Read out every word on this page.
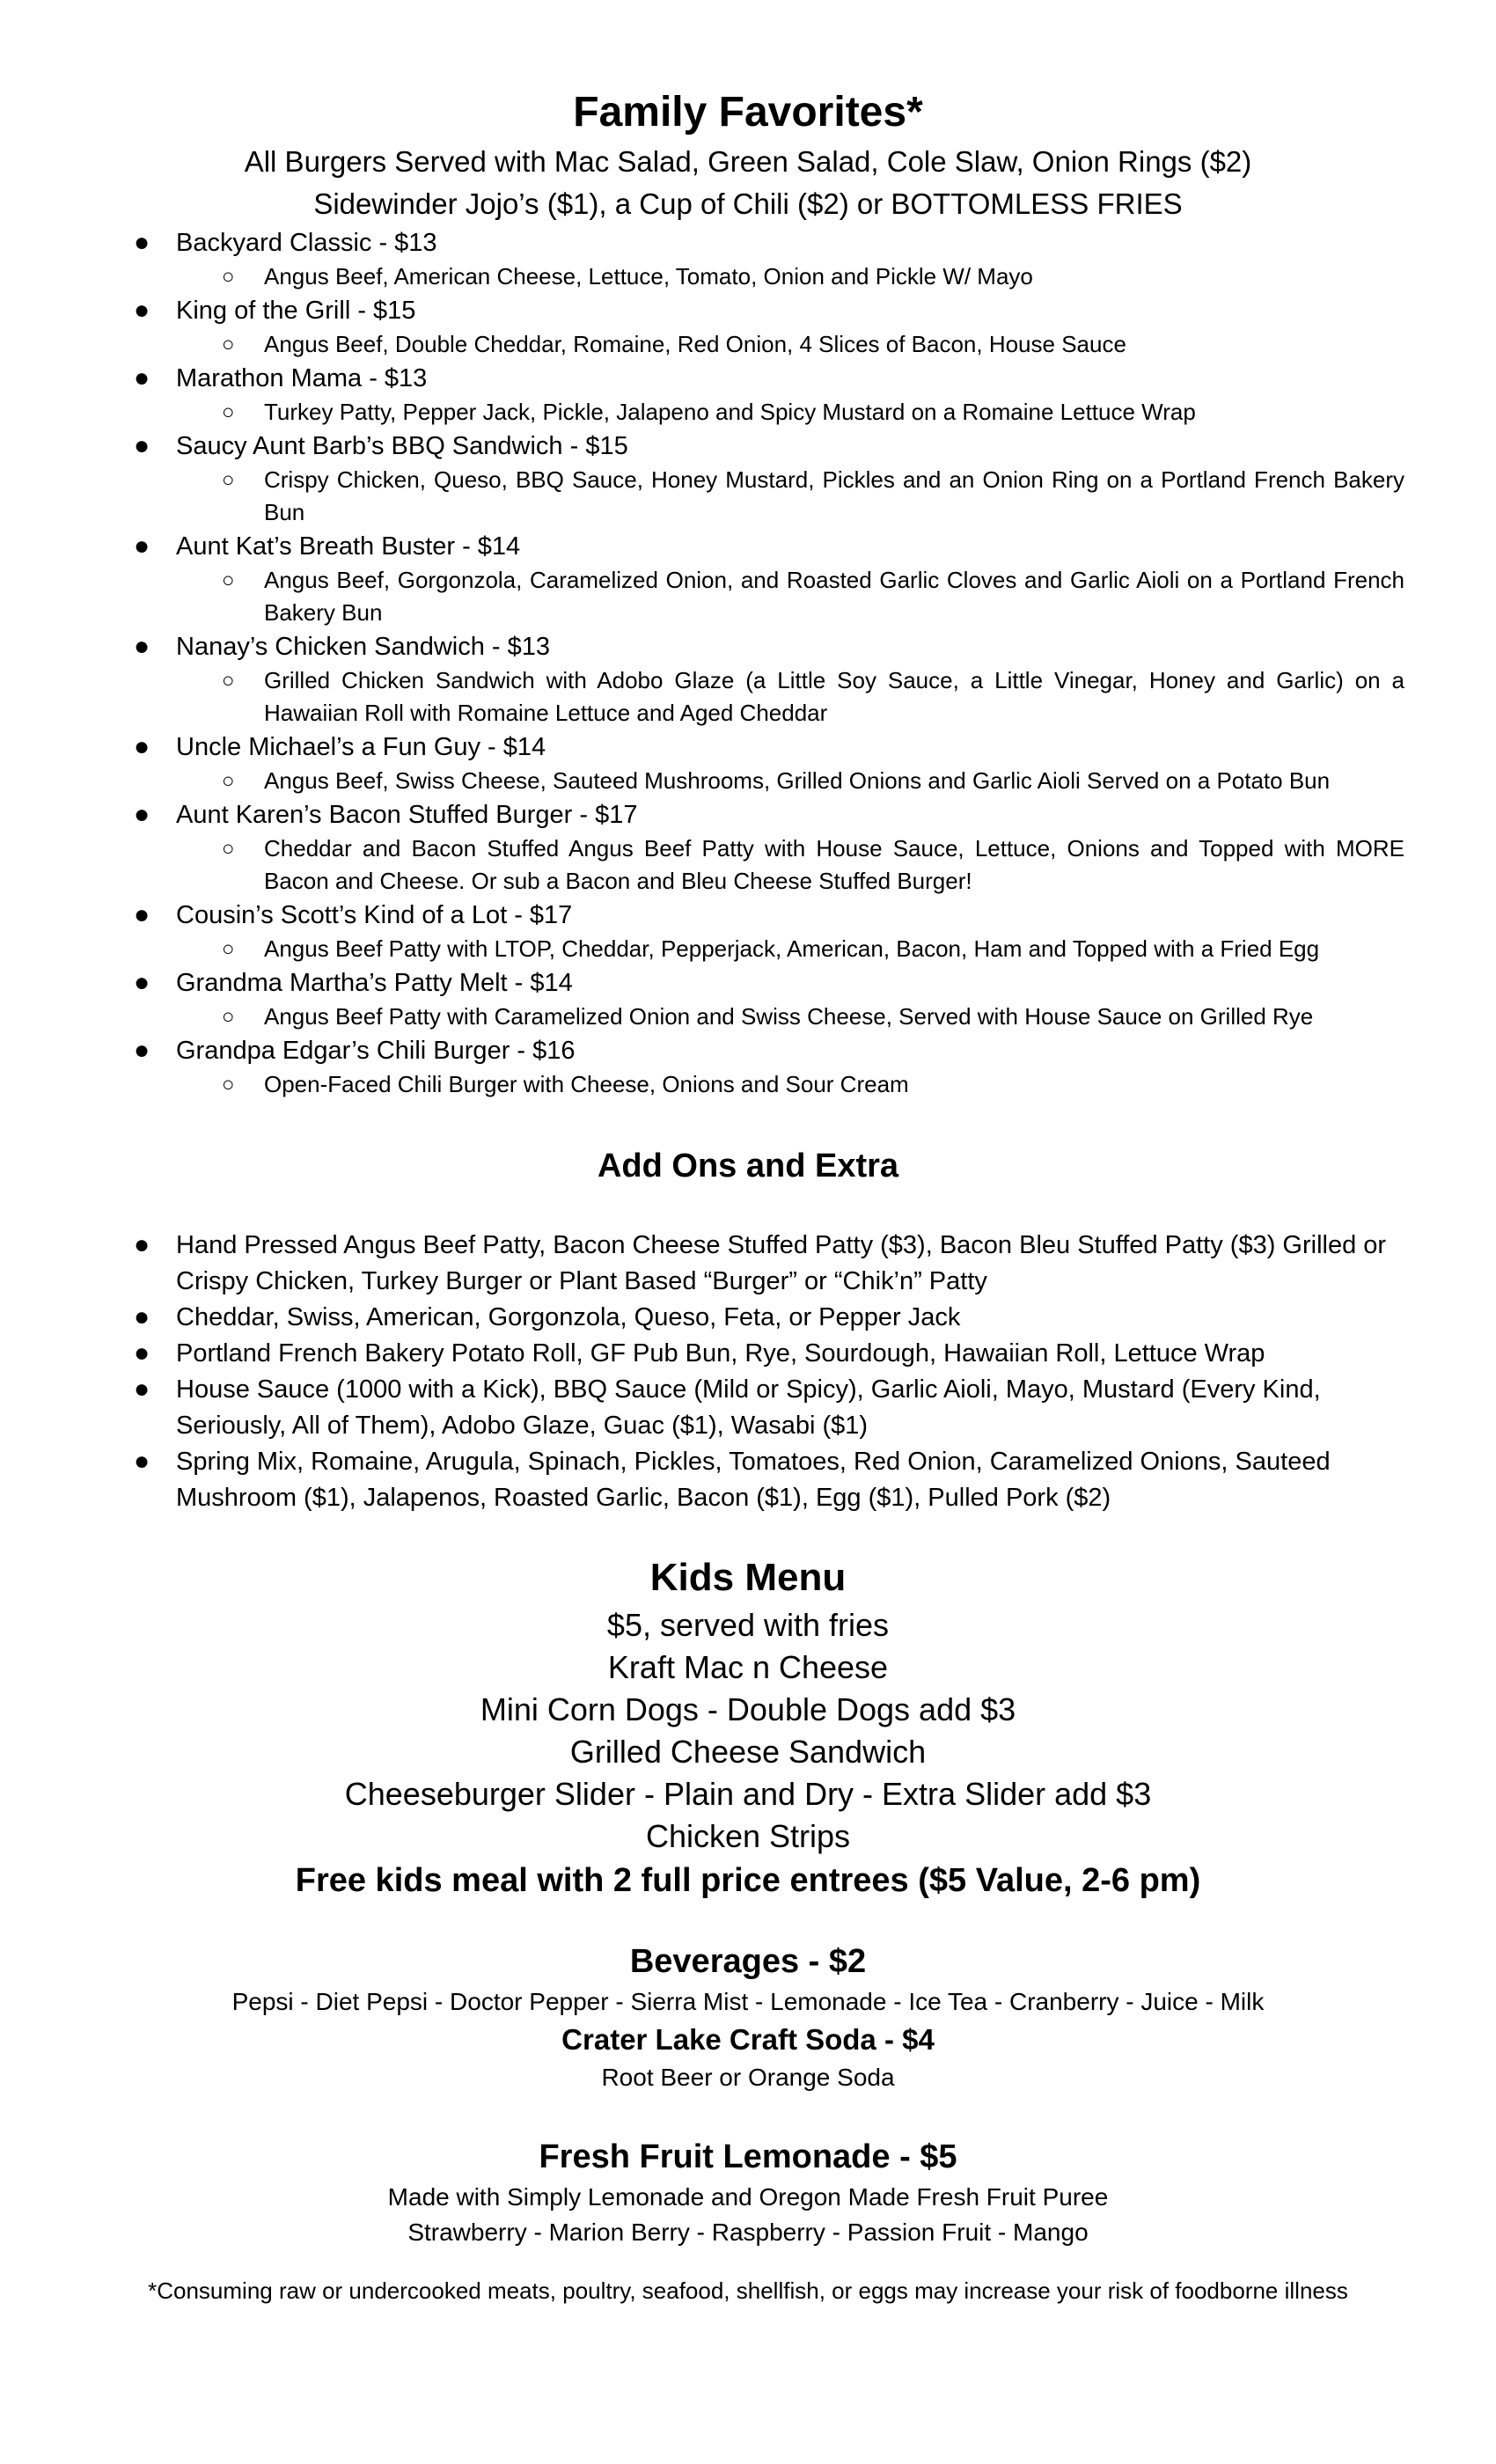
Family Favorites*
All Burgers Served with Mac Salad, Green Salad, Cole Slaw, Onion Rings ($2)
Sidewinder Jojo’s ($1), a Cup of Chili ($2) or BOTTOMLESS FRIES
● Backyard Classic - $13
○ Angus Beef, American Cheese, Lettuce, Tomato, Onion and Pickle W/ Mayo
● King of the Grill - $15
○ Angus Beef, Double Cheddar, Romaine, Red Onion, 4 Slices of Bacon, House Sauce
● Marathon Mama - $13
○ Turkey Patty, Pepper Jack, Pickle, Jalapeno and Spicy Mustard on a Romaine Lettuce Wrap
● Saucy Aunt Barb’s BBQ Sandwich - $15
○ Crispy Chicken, Queso, BBQ Sauce, Honey Mustard, Pickles and an Onion Ring on a Portland French Bakery Bun
● Aunt Kat’s Breath Buster - $14
○ Angus Beef, Gorgonzola, Caramelized Onion, and Roasted Garlic Cloves and Garlic Aioli on a Portland French Bakery Bun
● Nanay’s Chicken Sandwich - $13
○ Grilled Chicken Sandwich with Adobo Glaze (a Little Soy Sauce, a Little Vinegar, Honey and Garlic) on a Hawaiian Roll with Romaine Lettuce and Aged Cheddar
● Uncle Michael’s a Fun Guy - $14
○ Angus Beef, Swiss Cheese, Sauteed Mushrooms, Grilled Onions and Garlic Aioli Served on a Potato Bun
● Aunt Karen’s Bacon Stuffed Burger - $17
○ Cheddar and Bacon Stuffed Angus Beef Patty with House Sauce, Lettuce, Onions and Topped with MORE Bacon and Cheese. Or sub a Bacon and Bleu Cheese Stuffed Burger!
● Cousin’s Scott’s Kind of a Lot - $17
○ Angus Beef Patty with LTOP, Cheddar, Pepperjack, American, Bacon, Ham and Topped with a Fried Egg
● Grandma Martha’s Patty Melt - $14
○ Angus Beef Patty with Caramelized Onion and Swiss Cheese, Served with House Sauce on Grilled Rye
● Grandpa Edgar’s Chili Burger - $16
○ Open-Faced Chili Burger with Cheese, Onions and Sour Cream
Add Ons and Extra
● Hand Pressed Angus Beef Patty, Bacon Cheese Stuffed Patty ($3), Bacon Bleu Stuffed Patty ($3) Grilled or Crispy Chicken, Turkey Burger or Plant Based “Burger” or “Chik’n” Patty
● Cheddar, Swiss, American, Gorgonzola, Queso, Feta, or Pepper Jack
● Portland French Bakery Potato Roll, GF Pub Bun, Rye, Sourdough, Hawaiian Roll, Lettuce Wrap
● House Sauce (1000 with a Kick), BBQ Sauce (Mild or Spicy), Garlic Aioli, Mayo, Mustard (Every Kind, Seriously, All of Them), Adobo Glaze, Guac ($1), Wasabi ($1)
● Spring Mix, Romaine, Arugula, Spinach, Pickles, Tomatoes, Red Onion, Caramelized Onions, Sauteed Mushroom ($1), Jalapenos, Roasted Garlic, Bacon ($1), Egg ($1), Pulled Pork ($2)
Kids Menu
$5, served with fries
Kraft Mac n Cheese
Mini Corn Dogs - Double Dogs add $3
Grilled Cheese Sandwich
Cheeseburger Slider - Plain and Dry - Extra Slider add $3
Chicken Strips
Free kids meal with 2 full price entrees ($5 Value, 2-6 pm)
Beverages - $2
Pepsi - Diet Pepsi - Doctor Pepper - Sierra Mist - Lemonade - Ice Tea - Cranberry - Juice - Milk
Crater Lake Craft Soda - $4
Root Beer or Orange Soda
Fresh Fruit Lemonade - $5
Made with Simply Lemonade and Oregon Made Fresh Fruit Puree
Strawberry - Marion Berry - Raspberry - Passion Fruit - Mango
*Consuming raw or undercooked meats, poultry, seafood, shellfish, or eggs may increase your risk of foodborne illness
